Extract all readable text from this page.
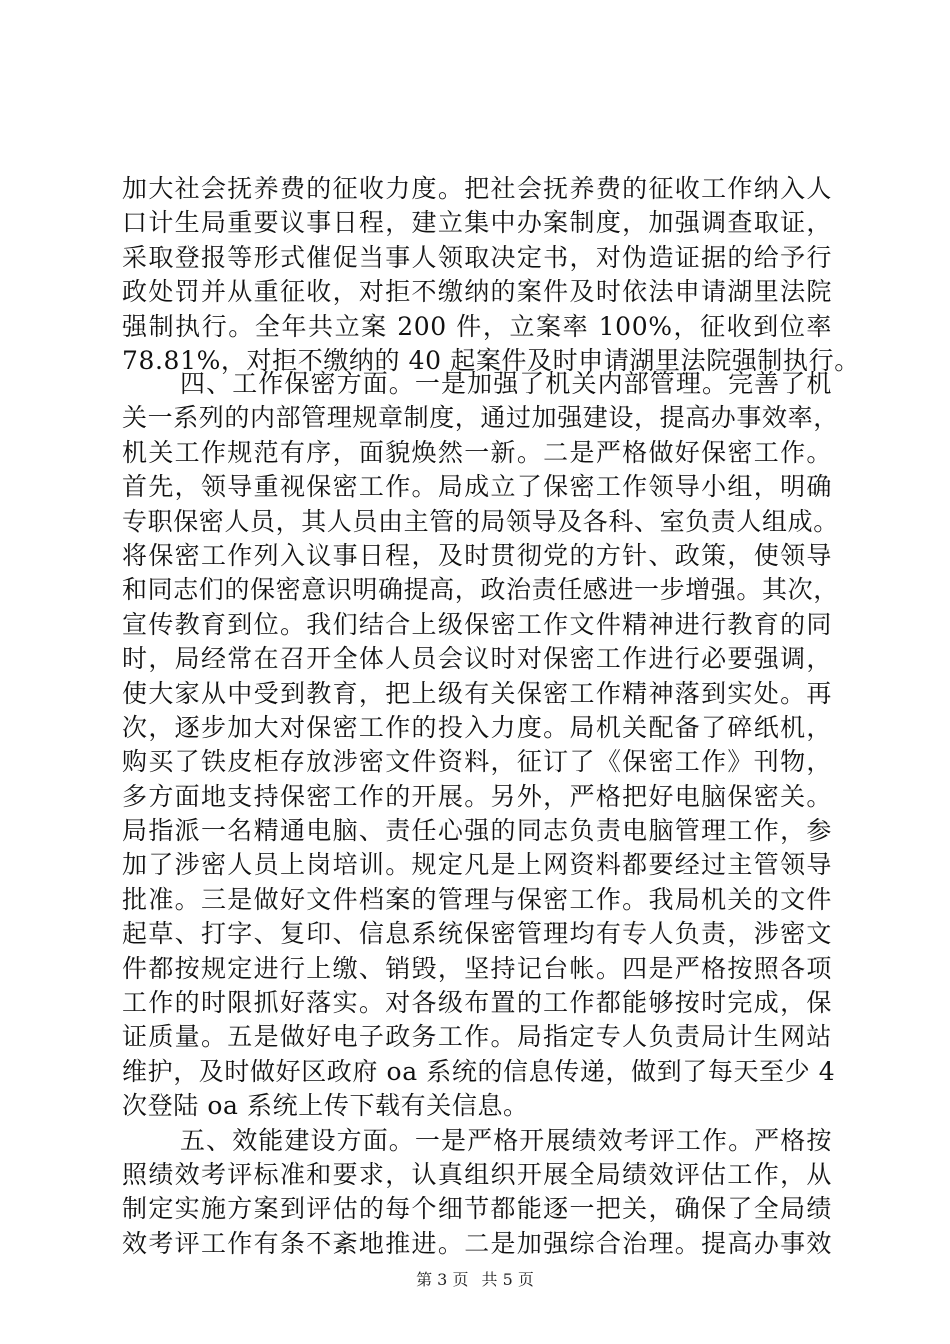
加大社会抚养费的征收力度。把社会抚养费的征收工作纳入人
口计生局重要议事日程，建立集中办案制度，加强调查取证，
采取登报等形式催促当事人领取决定书，对伪造证据的给予行
政处罚并从重征收，对拒不缴纳的案件及时依法申请湖里法院
强制执行。全年共立案 200 件，立案率 100%，征收到位率
78.81%，对拒不缴纳的 40 起案件及时申请湖里法院强制执行。
四、工作保密方面。一是加强了机关内部管理。完善了机
关一系列的内部管理规章制度，通过加强建设，提高办事效率，
机关工作规范有序，面貌焕然一新。二是严格做好保密工作。
首先，领导重视保密工作。局成立了保密工作领导小组，明确
专职保密人员，其人员由主管的局领导及各科、室负责人组成。
将保密工作列入议事日程，及时贯彻党的方针、政策，使领导
和同志们的保密意识明确提高，政治责任感进一步增强。其次，
宣传教育到位。我们结合上级保密工作文件精神进行教育的同
时，局经常在召开全体人员会议时对保密工作进行必要强调，
使大家从中受到教育，把上级有关保密工作精神落到实处。再
次，逐步加大对保密工作的投入力度。局机关配备了碎纸机，
购买了铁皮柜存放涉密文件资料，征订了《保密工作》刊物，
多方面地支持保密工作的开展。另外，严格把好电脑保密关。
局指派一名精通电脑、责任心强的同志负责电脑管理工作，参
加了涉密人员上岗培训。规定凡是上网资料都要经过主管领导
批准。三是做好文件档案的管理与保密工作。我局机关的文件
起草、打字、复印、信息系统保密管理均有专人负责，涉密文
件都按规定进行上缴、销毁，坚持记台帐。四是严格按照各项
工作的时限抓好落实。对各级布置的工作都能够按时完成，保
证质量。五是做好电子政务工作。局指定专人负责局计生网站
维护，及时做好区政府 oa 系统的信息传递，做到了每天至少 4
次登陆 oa 系统上传下载有关信息。
五、效能建设方面。一是严格开展绩效考评工作。严格按
照绩效考评标准和要求，认真组织开展全局绩效评估工作，从
制定实施方案到评估的每个细节都能逐一把关，确保了全局绩
效考评工作有条不紊地推进。二是加强综合治理。提高办事效
第 3 页 共 5 页
